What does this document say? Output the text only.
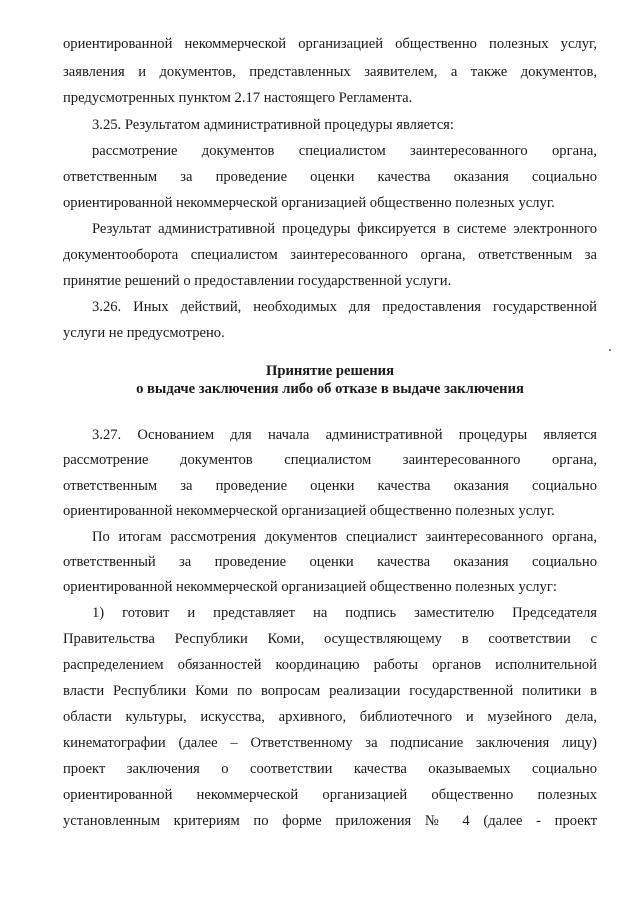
ориентированной некоммерческой организацией общественно полезных услуг,
заявления и документов, представленных заявителем, а также документов,
предусмотренных пунктом 2.17 настоящего Регламента.
3.25. Результатом административной процедуры является:
рассмотрение документов специалистом заинтересованного органа,
ответственным за проведение оценки качества оказания социально
ориентированной некоммерческой организацией общественно полезных услуг.
Результат административной процедуры фиксируется в системе электронного
документооборота специалистом заинтересованного органа, ответственным за
принятие решений о предоставлении государственной услуги.
3.26. Иных действий, необходимых для предоставления государственной
услуги не предусмотрено.
Принятие решения
о выдаче заключения либо об отказе в выдаче заключения
3.27. Основанием для начала административной процедуры является
рассмотрение документов специалистом заинтересованного органа,
ответственным за проведение оценки качества оказания социально
ориентированной некоммерческой организацией общественно полезных услуг.
По итогам рассмотрения документов специалист заинтересованного органа,
ответственный за проведение оценки качества оказания социально
ориентированной некоммерческой организацией общественно полезных услуг:
1) готовит и представляет на подпись заместителю Председателя
Правительства Республики Коми, осуществляющему в соответствии с
распределением обязанностей координацию работы органов исполнительной
власти Республики Коми по вопросам реализации государственной политики в
области культуры, искусства, архивного, библиотечного и музейного дела,
кинематографии (далее – Ответственному за подписание заключения лицу)
проект заключения о соответствии качества оказываемых социально
ориентированной некоммерческой организацией общественно полезных
установленным критериям по форме приложения № 4 (далее - проект
